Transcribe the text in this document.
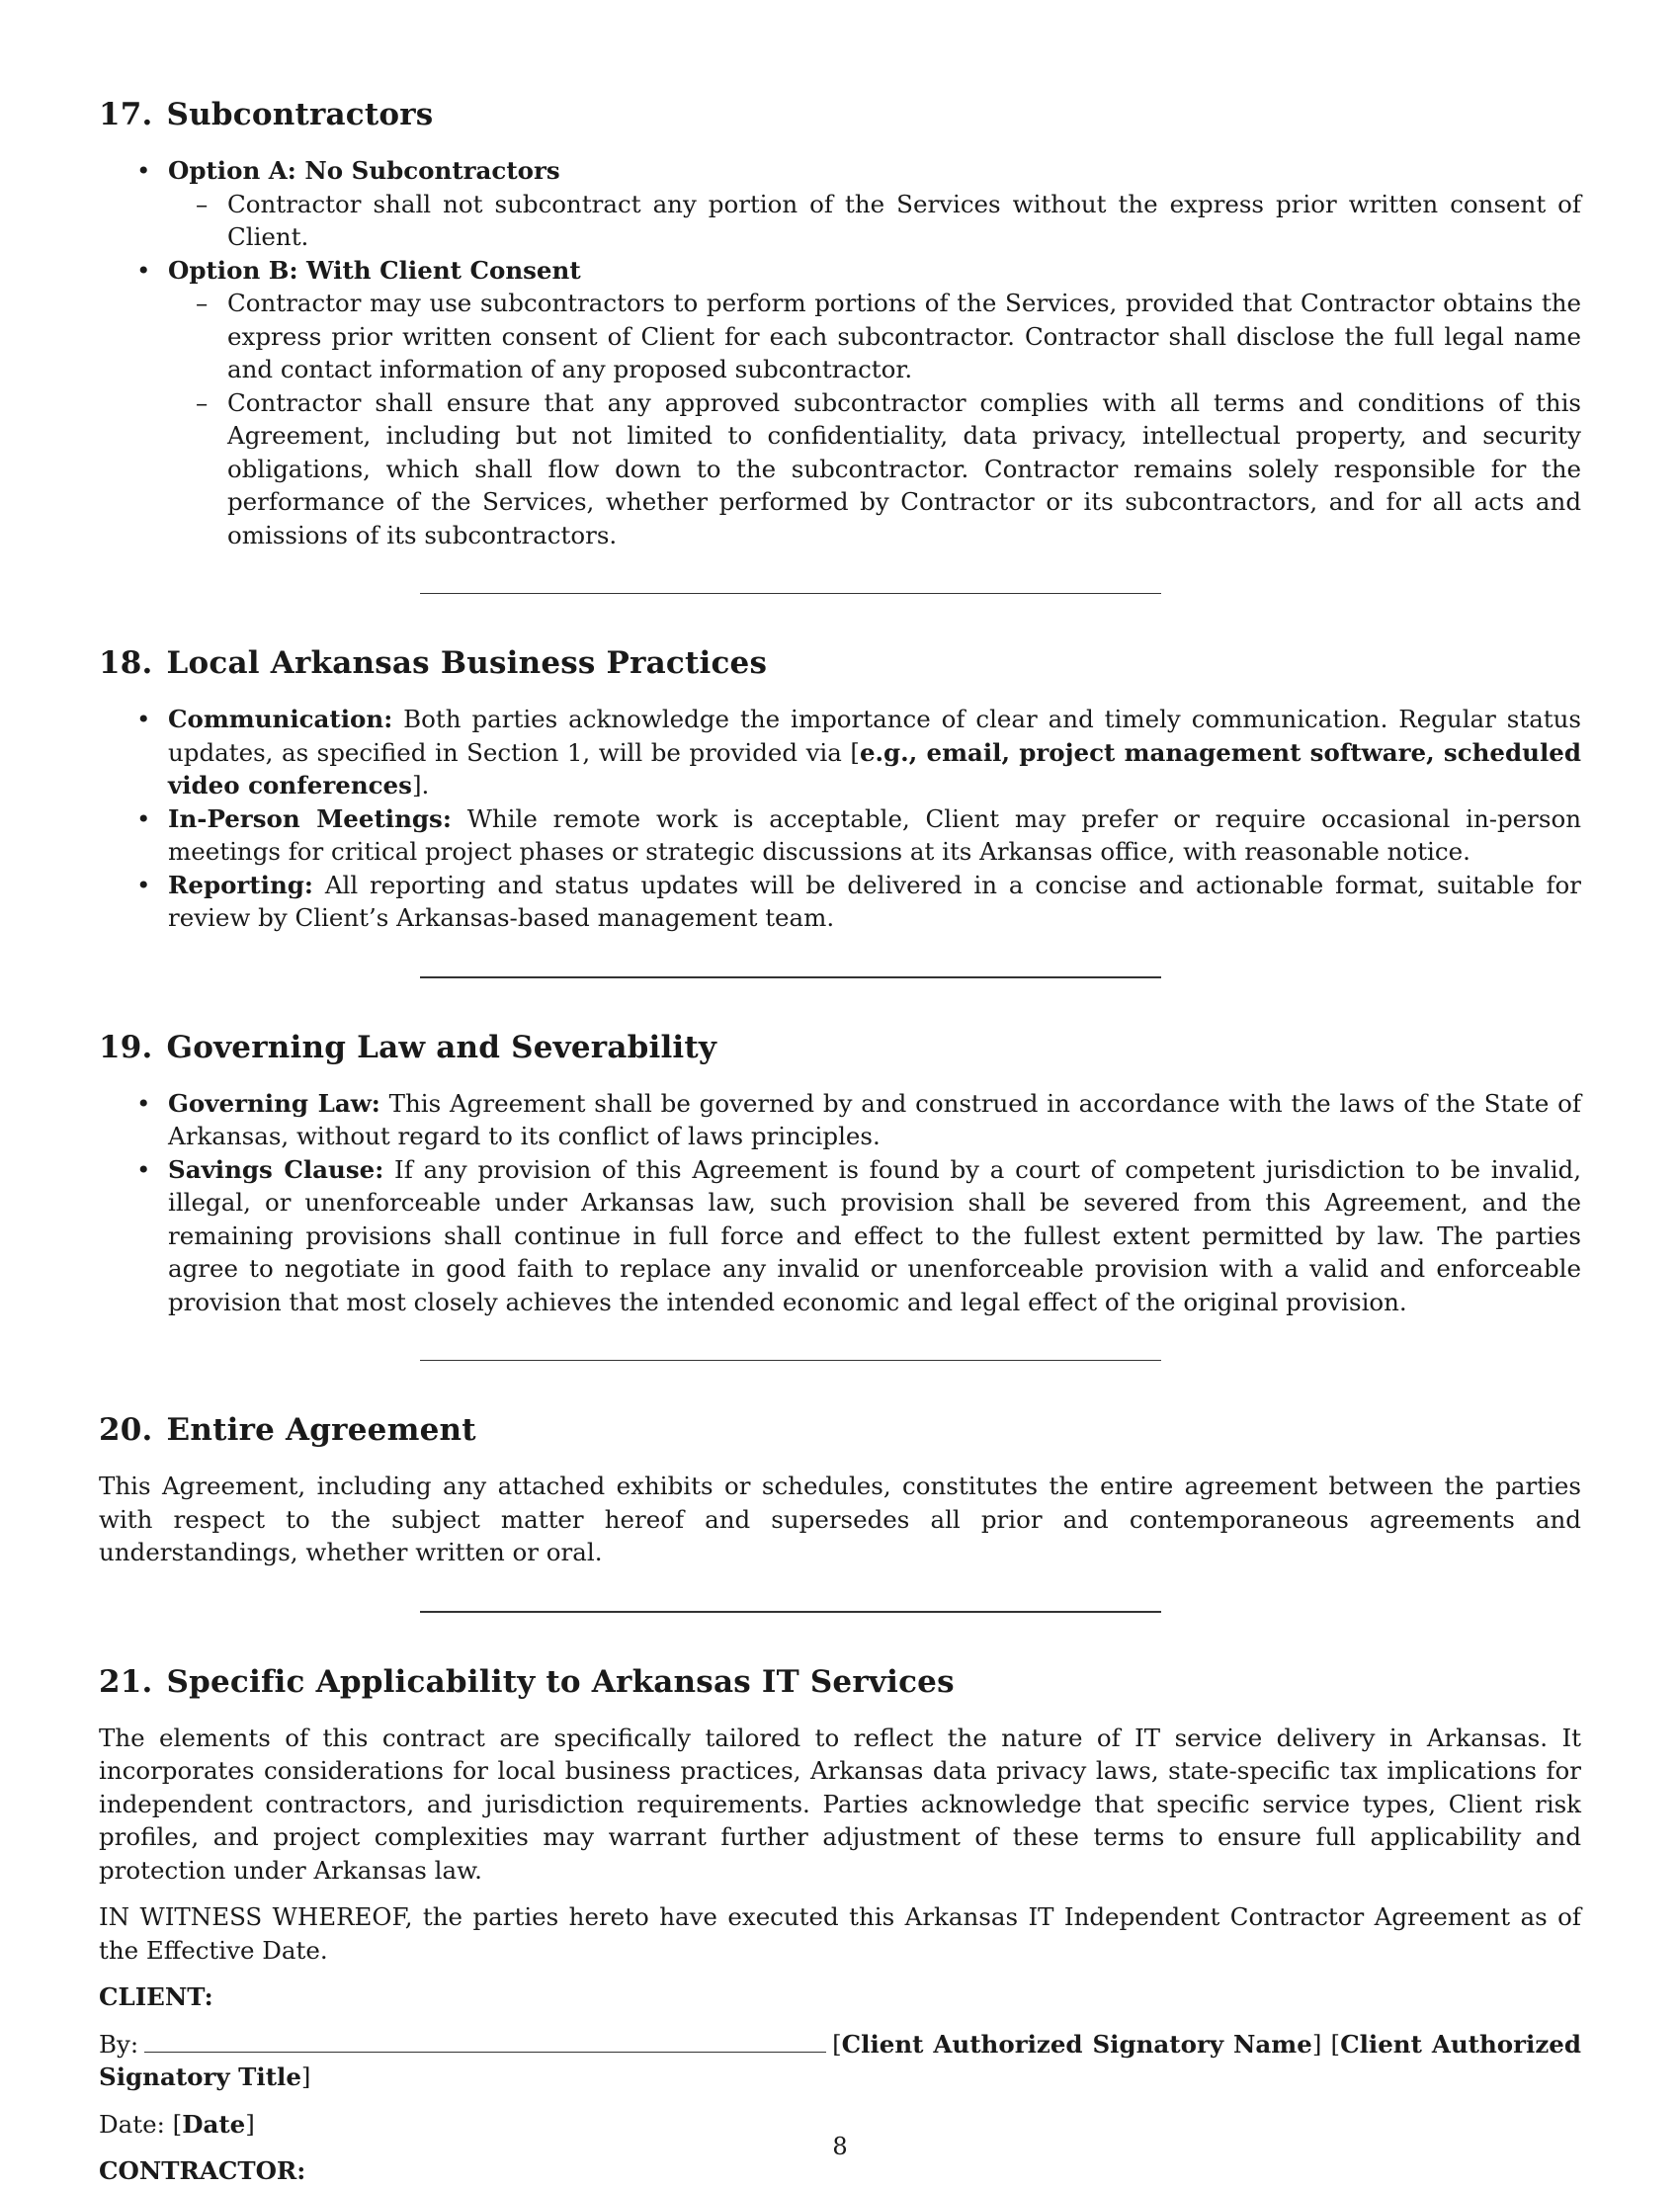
17. Subcontractors
• Option A: No Subcontractors
– Contractor shall not subcontract any portion of the Services without the express prior written consent of Client.
• Option B: With Client Consent
– Contractor may use subcontractors to perform portions of the Services, provided that Contractor obtains the express prior written consent of Client for each subcontractor. Contractor shall disclose the full legal name and contact information of any proposed subcontractor.
– Contractor shall ensure that any approved subcontractor complies with all terms and conditions of this Agreement, including but not limited to confidentiality, data privacy, intellectual property, and security obligations, which shall flow down to the subcontractor. Contractor remains solely responsible for the performance of the Services, whether performed by Contractor or its subcontractors, and for all acts and omissions of its subcontractors.
18. Local Arkansas Business Practices
• Communication: Both parties acknowledge the importance of clear and timely communication. Regular status updates, as specified in Section 1, will be provided via [e.g., email, project management software, scheduled video conferences].
• In-Person Meetings: While remote work is acceptable, Client may prefer or require occasional in-person meetings for critical project phases or strategic discussions at its Arkansas office, with reasonable notice.
• Reporting: All reporting and status updates will be delivered in a concise and actionable format, suitable for review by Client’s Arkansas-based management team.
19. Governing Law and Severability
• Governing Law: This Agreement shall be governed by and construed in accordance with the laws of the State of Arkansas, without regard to its conflict of laws principles.
• Savings Clause: If any provision of this Agreement is found by a court of competent jurisdiction to be invalid, illegal, or unenforceable under Arkansas law, such provision shall be severed from this Agreement, and the remaining provisions shall continue in full force and effect to the fullest extent permitted by law. The parties agree to negotiate in good faith to replace any invalid or unenforceable provision with a valid and enforceable provision that most closely achieves the intended economic and legal effect of the original provision.
20. Entire Agreement

This Agreement, including any attached exhibits or schedules, constitutes the entire agreement between the parties with respect to the subject matter hereof and supersedes all prior and contemporaneous agreements and understandings, whether written or oral.

21. Specific Applicability to Arkansas IT Services

The elements of this contract are specifically tailored to reflect the nature of IT service delivery in Arkansas. It incorporates considerations for local business practices, Arkansas data privacy laws, state-specific tax implications for independent contractors, and jurisdiction requirements. Parties acknowledge that specific service types, Client risk profiles, and project complexities may warrant further adjustment of these terms to ensure full applicability and protection under Arkansas law.

IN WITNESS WHEREOF, the parties hereto have executed this Arkansas IT Independent Contractor Agreement as of the Effective Date.

CLIENT:

By:	[Client Authorized Signatory Name] [Client Authorized Signatory Title]

Date: [Date]

CONTRACTOR:

8
